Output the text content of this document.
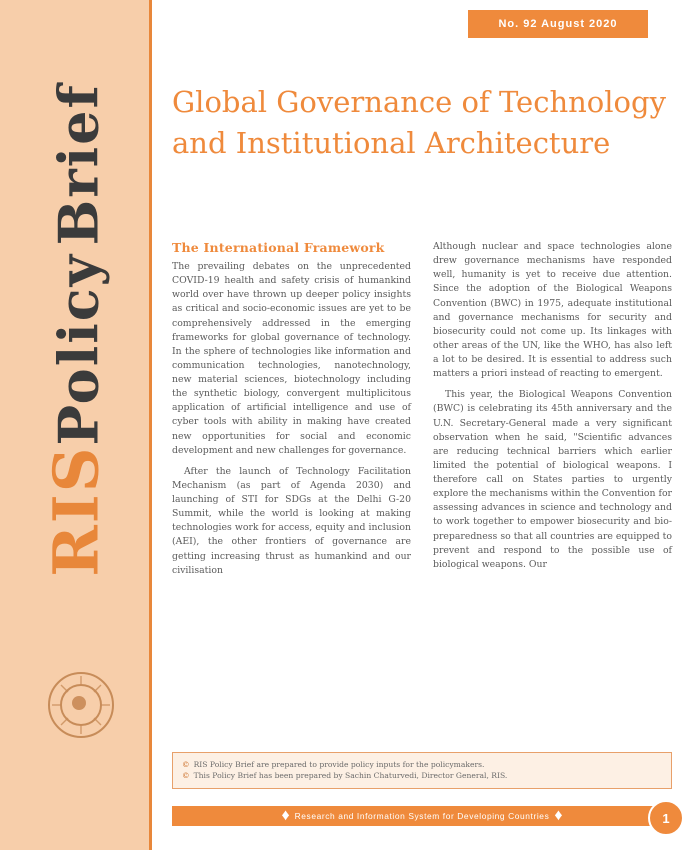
RISPolicy Brief
No. 92 August 2020
Global Governance of Technology and Institutional Architecture

The International Framework

The prevailing debates on the unprecedented COVID-19 health and safety crisis of humankind world over have thrown up deeper policy insights as critical and socio-economic issues are yet to be comprehensively addressed in the emerging frameworks for global governance of technology. In the sphere of technologies like information and communication technologies, nanotechnology, new material sciences, biotechnology including the synthetic biology, convergent multiplicitous application of artificial intelligence and use of cyber tools with ability in making have created new opportunities for social and economic development and new challenges for governance.

After the launch of Technology Facilitation Mechanism (as part of Agenda 2030) and launching of STI for SDGs at the Delhi G-20 Summit, while the world is looking at making technologies work for access, equity and inclusion (AEI), the other frontiers of governance are getting increasing thrust as humankind and our civilisation

Although nuclear and space technologies alone drew governance mechanisms have responded well, humanity is yet to receive due attention. Since the adoption of the Biological Weapons Convention (BWC) in 1975, adequate institutional and governance mechanisms for security and biosecurity could not come up. Its linkages with other areas of the UN, like the WHO, has also left a lot to be desired. It is essential to address such matters a priori instead of reacting to emergent.

This year, the Biological Weapons Convention (BWC) is celebrating its 45th anniversary and the U.N. Secretary-General made a very significant observation when he said, "Scientific advances are reducing technical barriers which earlier limited the potential of biological weapons. I therefore call on States parties to urgently explore the mechanisms within the Convention for assessing advances in science and technology and to work together to empower biosecurity and bio-preparedness so that all countries are equipped to prevent and respond to the possible use of biological weapons. Our

© RIS Policy Brief are prepared to provide policy inputs for the policymakers.

© This Policy Brief has been prepared by Sachin Chaturvedi, Director General, RIS.

♦ Research and Information System for Developing Countries ♦	1
